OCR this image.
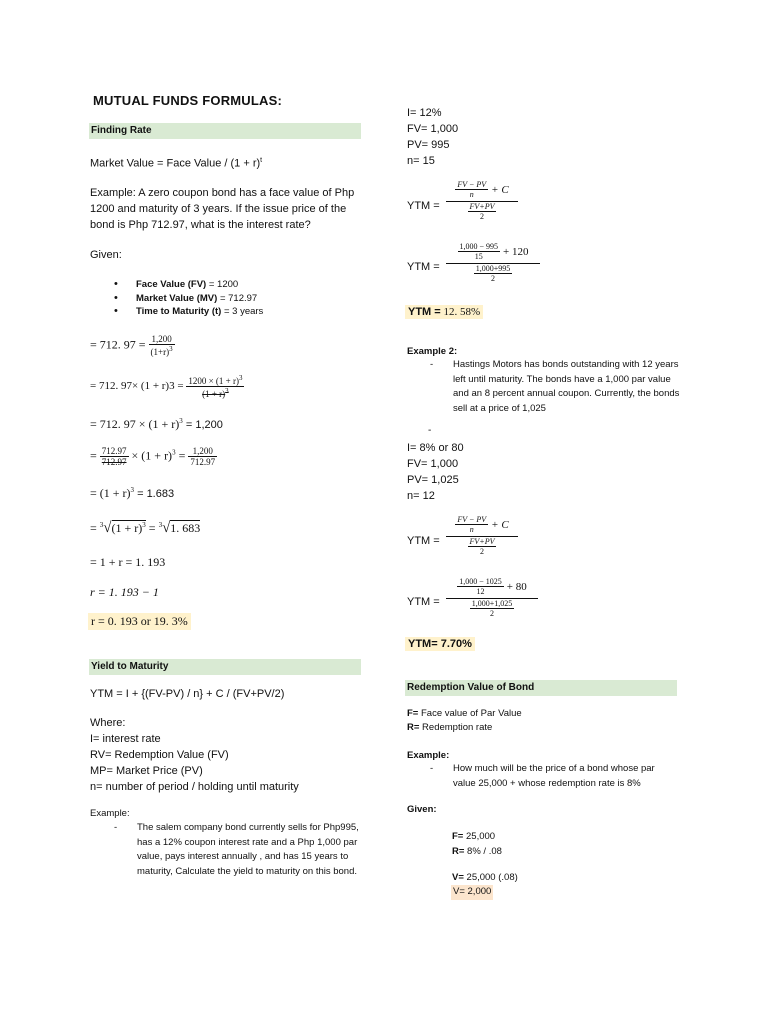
MUTUAL FUNDS FORMULAS:
Finding Rate
Market Value = Face Value / $(1 + r)^t$
Example: A zero coupon bond has a face value of Php 1200 and maturity of 3 years. If the issue price of the bond is Php 712.97, what is the interest rate?
Given:
• Face Value (FV) = 1200
• Market Value (MV) = 712.97
• Time to Maturity (t) = 3 years
= 712. $97 = \frac{1,200}{(1+r)^3}$
= 712. $97\times (1 + r)3 = \frac{1200 \times (1 + r)^3}{(1 + r)^3}$
= 712. $97 \times (1 + r)^3 = 1,200$
= $\frac{712.97}{712.97} \times (1 + r)^3 = \frac{1,200}{712.97}$
= $(1 + r)^3 = 1.683$
= $^3√(1 + r)^3 = ^3√1$. 683
= 1 + r = 1. 193
r = 1. 193 − 1
r = 0. 193 or 19. 3%
Yield to Maturity
YTM = I + {(FV-PV) / n} + C / (FV+PV/2)
Where:
I= interest rate
RV= Redemption Value (FV)
MP= Market Price (PV)
n= number of period / holding until maturity
Example:
- The salem company bond currently sells for Php995, has a 12% coupon interest rate and a Php 1,000 par value, pays interest annually , and has 15 years to maturity, Calculate the yield to maturity on this bond.
I= 12%
FV= 1,000
PV= 995
n= 15
YTM =
$\frac{FV - PV}{n} + C$
$\frac{FV+PV}{2}$
YTM =
$\frac{1,000 - 995}{15} + 120$
$\frac{1,000+995}{2}$
YTM = 12. 58%
Example 2:
- Hastings Motors has bonds outstanding with 12 years left until maturity. The bonds have a 1,000 par value and an 8 percent annual coupon. Currently, the bonds sell at a price of 1,025
-
I= 8% or 80
FV= 1,000
PV= 1,025
n= 12
YTM =
$\frac{FV - PV}{n} + C$
$\frac{FV+PV}{2}$
YTM =
$\frac{1,000 - 1025}{12} + 80$
$\frac{1,000+1,025}{2}$
YTM= 7.70%
Redemption Value of Bond
F= Face value of Par Value
R= Redemption rate
Example:
- How much will be the price of a bond whose par value 25,000 + whose redemption rate is 8%
Given:
F= 25,000
R= 8% / .08
V= 25,000 (.08)
V= 2,000
